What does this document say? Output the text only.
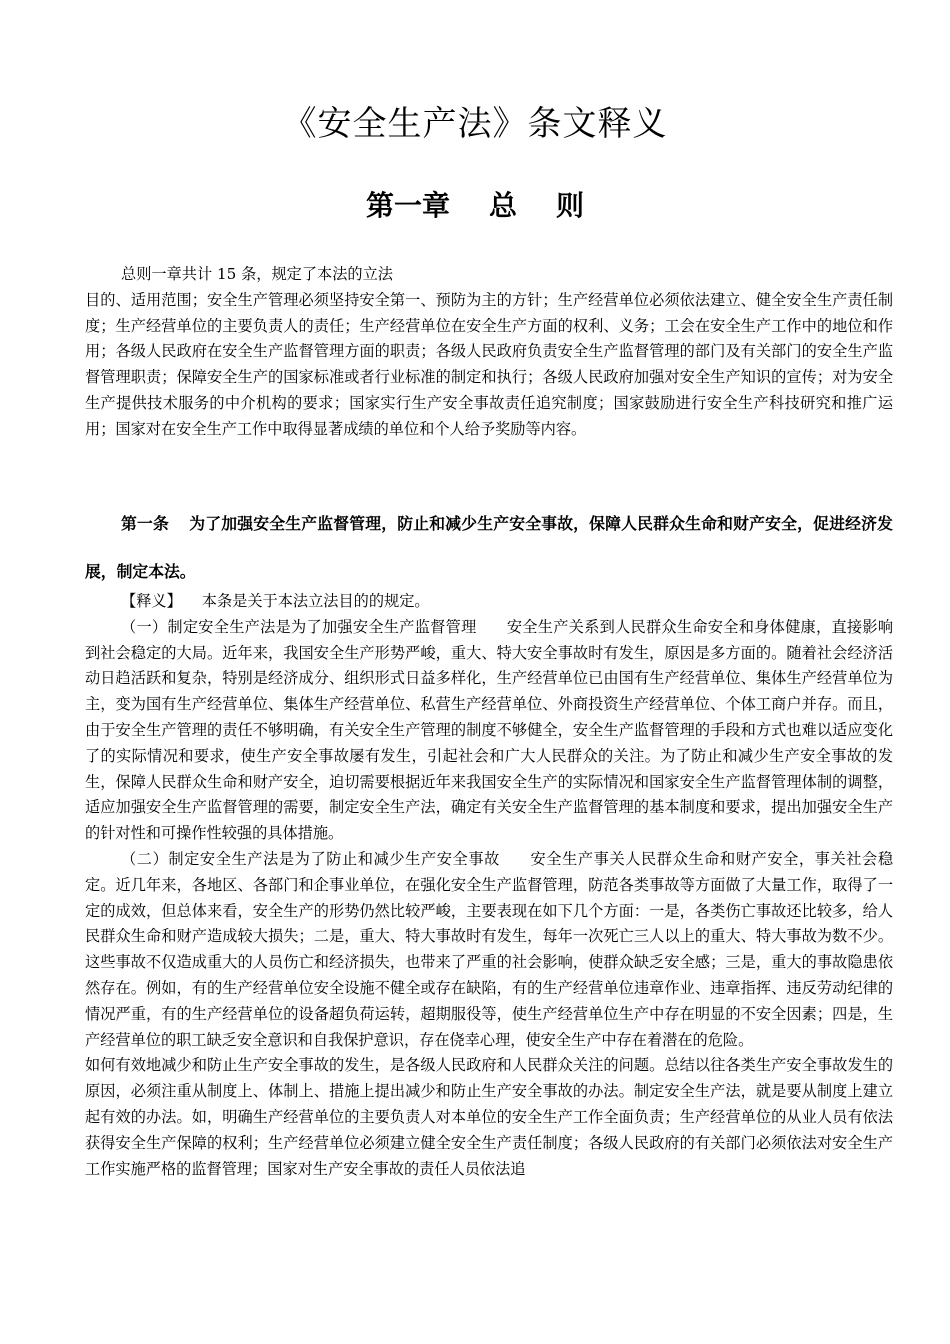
《安全生产法》条文释义
第一章    总    则
总则一章共计 15 条，规定了本法的立法
目的、适用范围；安全生产管理必须坚持安全第一、预防为主的方针；生产经营单位必须依法建立、健全安全生产责任制度；生产经营单位的主要负责人的责任；生产经营单位在安全生产方面的权利、义务；工会在安全生产工作中的地位和作用；各级人民政府在安全生产监督管理方面的职责；各级人民政府负责安全生产监督管理的部门及有关部门的安全生产监督管理职责；保障安全生产的国家标准或者行业标准的制定和执行；各级人民政府加强对安全生产知识的宣传；对为安全生产提供技术服务的中介机构的要求；国家实行生产安全事故责任追究制度；国家鼓励进行安全生产科技研究和推广运用；国家对在安全生产工作中取得显著成绩的单位和个人给予奖励等内容。

第一条 为了加强安全生产监督管理，防止和减少生产安全事故，保障人民群众生命和财产安全，促进经济发展，制定本法。

【释义】 本条是关于本法立法目的的规定。

（一）制定安全生产法是为了加强安全生产监督管理 安全生产关系到人民群众生命安全和身体健康，直接影响到社会稳定的大局。近年来，我国安全生产形势严峻，重大、特大安全事故时有发生，原因是多方面的。随着社会经济活动日趋活跃和复杂，特别是经济成分、组织形式日益多样化，生产经营单位已由国有生产经营单位、集体生产经营单位为主，变为国有生产经营单位、集体生产经营单位、私营生产经营单位、外商投资生产经营单位、个体工商户并存。而且，由于安全生产管理的责任不够明确，有关安全生产管理的制度不够健全，安全生产监督管理的手段和方式也难以适应变化了的实际情况和要求，使生产安全事故屡有发生，引起社会和广大人民群众的关注。为了防止和减少生产安全事故的发生，保障人民群众生命和财产安全，迫切需要根据近年来我国安全生产的实际情况和国家安全生产监督管理体制的调整，适应加强安全生产监督管理的需要，制定安全生产法，确定有关安全生产监督管理的基本制度和要求，提出加强安全生产的针对性和可操作性较强的具体措施。

（二）制定安全生产法是为了防止和减少生产安全事故 安全生产事关人民群众生命和财产安全，事关社会稳定。近几年来，各地区、各部门和企事业单位，在强化安全生产监督管理，防范各类事故等方面做了大量工作，取得了一定的成效，但总体来看，安全生产的形势仍然比较严峻，主要表现在如下几个方面：一是，各类伤亡事故还比较多，给人民群众生命和财产造成较大损失；二是，重大、特大事故时有发生，每年一次死亡三人以上的重大、特大事故为数不少。这些事故不仅造成重大的人员伤亡和经济损失，也带来了严重的社会影响，使群众缺乏安全感；三是，重大的事故隐患依然存在。例如，有的生产经营单位安全设施不健全或存在缺陷，有的生产经营单位违章作业、违章指挥、违反劳动纪律的情况严重，有的生产经营单位的设备超负荷运转，超期服役等，使生产经营单位生产中存在明显的不安全因素；四是，生产经营单位的职工缺乏安全意识和自我保护意识，存在侥幸心理，使安全生产中存在着潜在的危险。

如何有效地减少和防止生产安全事故的发生，是各级人民政府和人民群众关注的问题。总结以往各类生产安全事故发生的原因，必须注重从制度上、体制上、措施上提出减少和防止生产安全事故的办法。制定安全生产法，就是要从制度上建立起有效的办法。如，明确生产经营单位的主要负责人对本单位的安全生产工作全面负责；生产经营单位的从业人员有依法获得安全生产保障的权利；生产经营单位必须建立健全安全生产责任制度；各级人民政府的有关部门必须依法对安全生产工作实施严格的监督管理；国家对生产安全事故的责任人员依法追
